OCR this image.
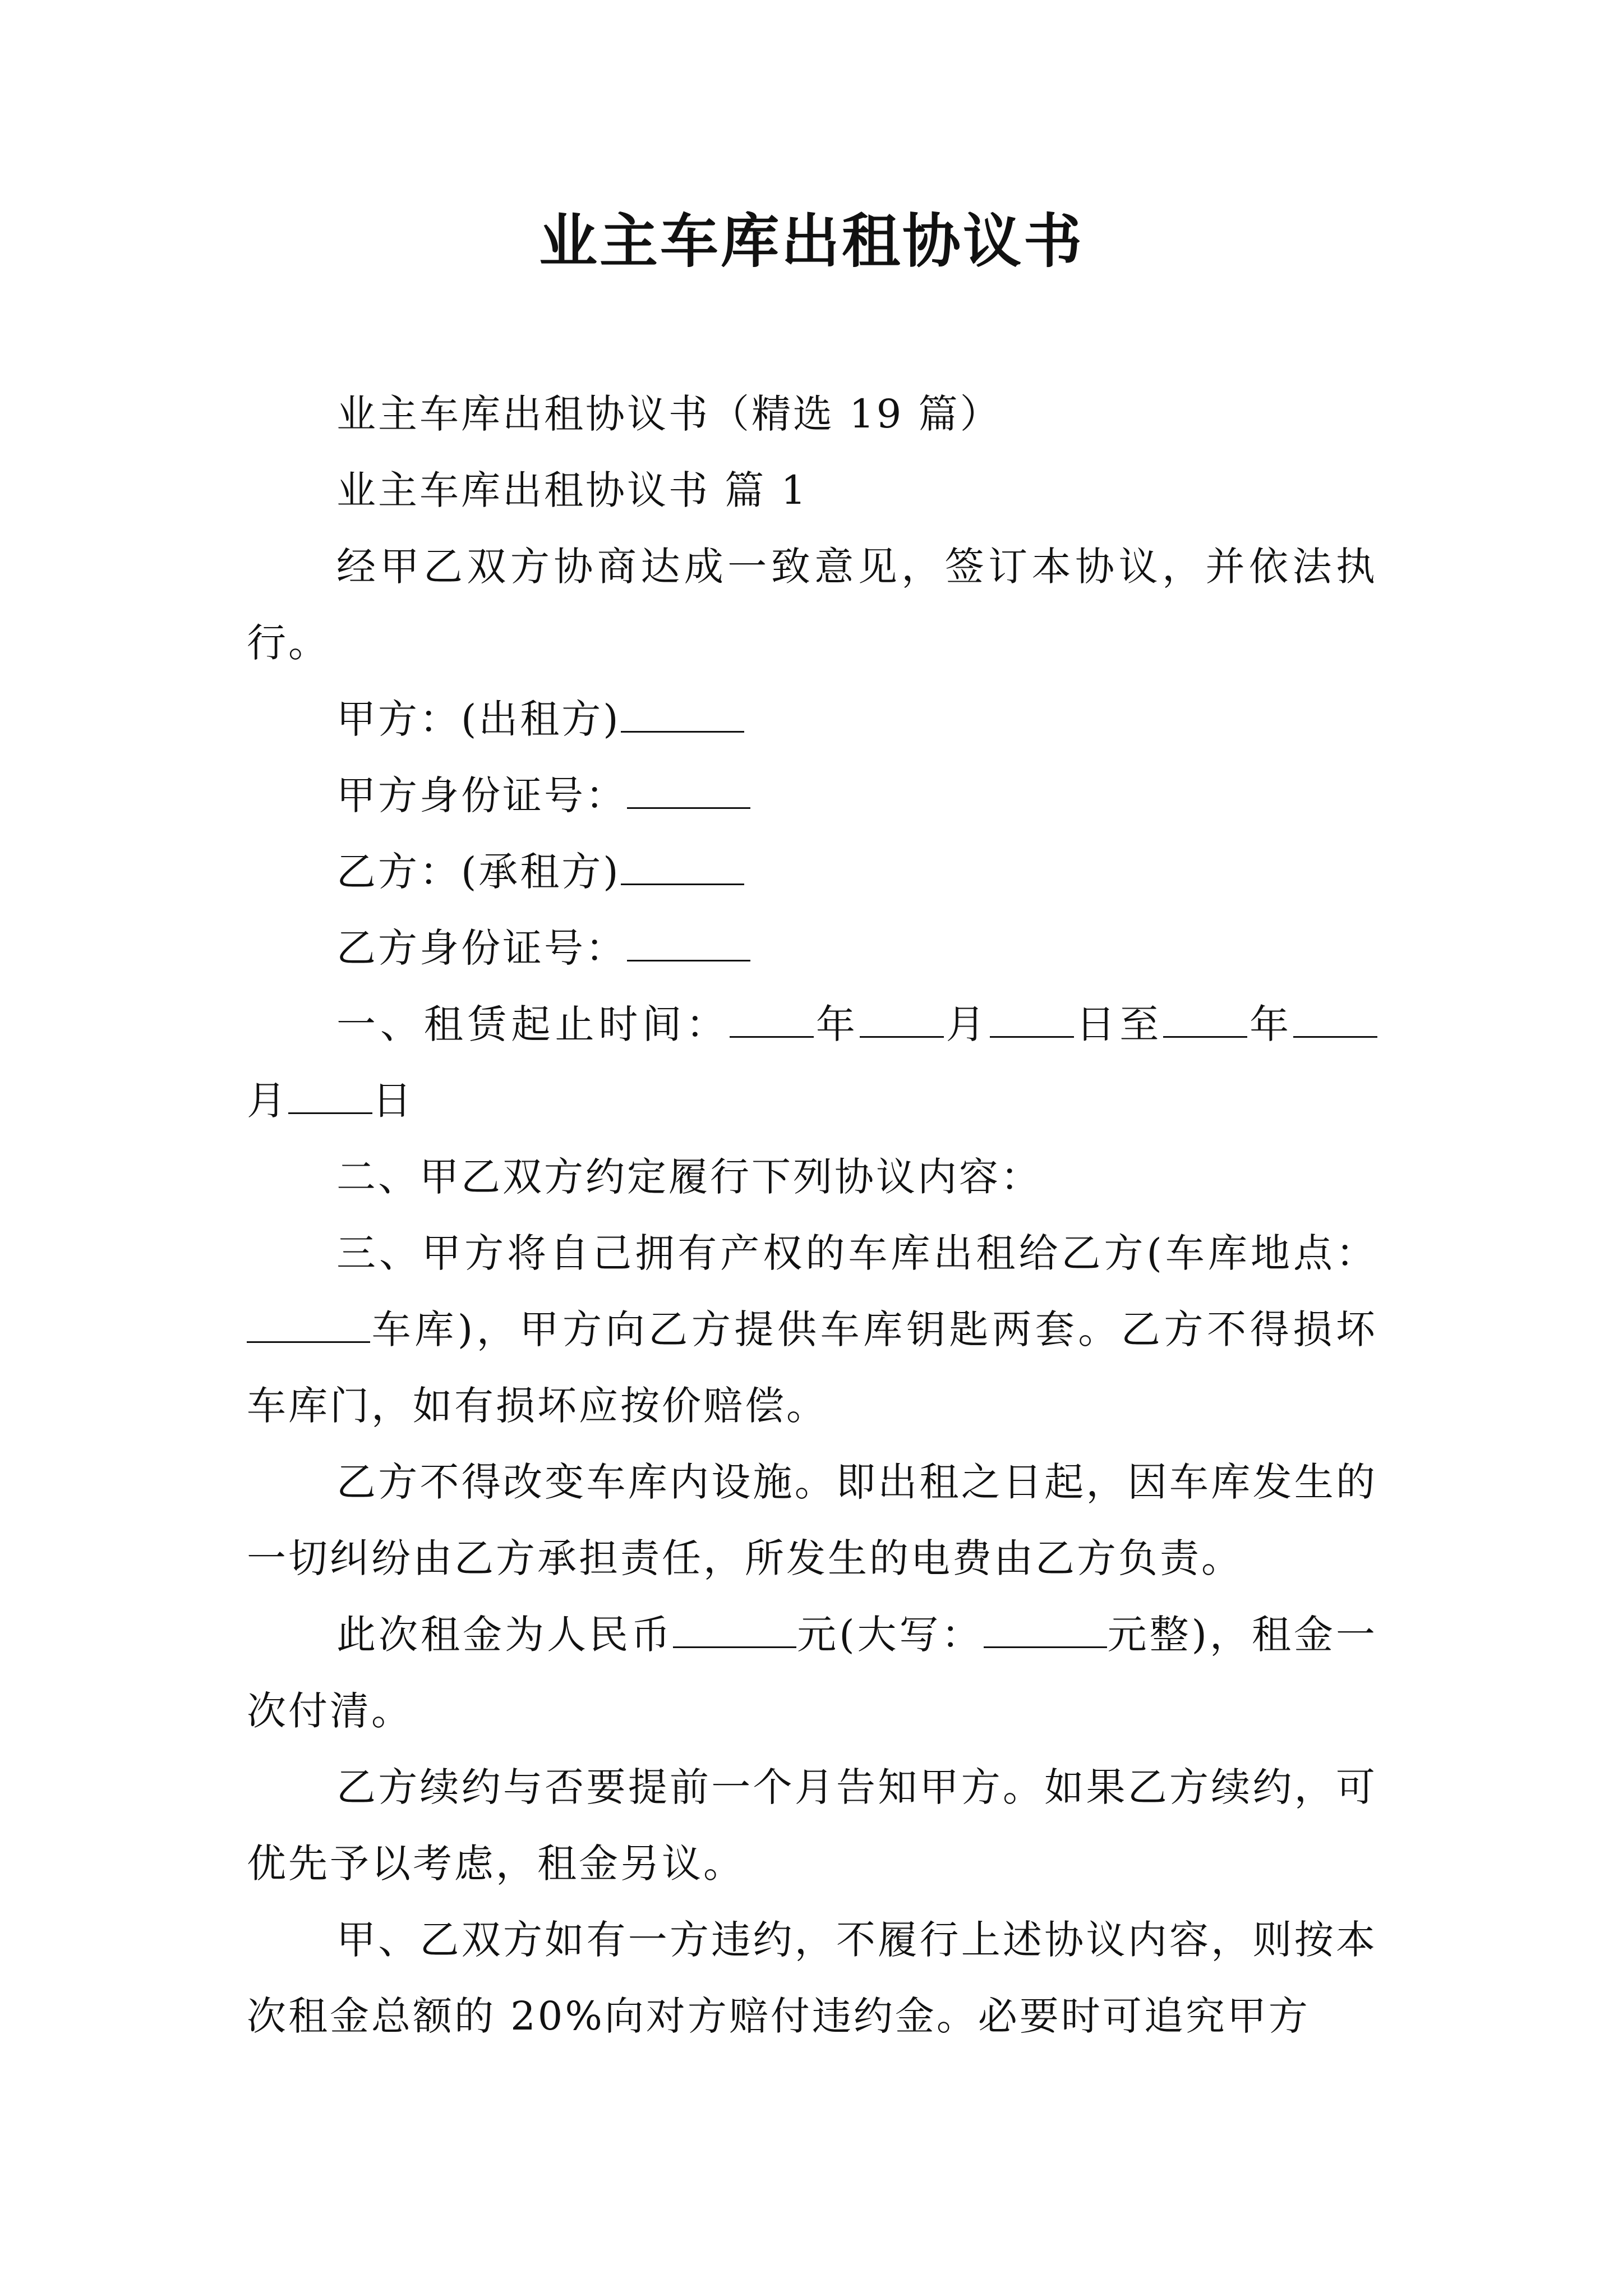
业主车库出租协议书

业主车库出租协议书（精选 19 篇）

业主车库出租协议书 篇 1

经甲乙双方协商达成一致意见，签订本协议，并依法执行。

甲方：(出租方)

甲方身份证号：

乙方：(承租方)

乙方身份证号：

一、租赁起止时间： 年 月 日至 年月 日

二、甲乙双方约定履行下列协议内容：

三、甲方将自己拥有产权的车库出租给乙方(车库地点：车库)，甲方向乙方提供车库钥匙两套。乙方不得损坏车库门，如有损坏应按价赔偿。

乙方不得改变车库内设施。即出租之日起，因车库发生的一切纠纷由乙方承担责任，所发生的电费由乙方负责。

此次租金为人民币	元(大写：	元整)，租金一次付清。

乙方续约与否要提前一个月告知甲方。如果乙方续约，可优先予以考虑，租金另议。

甲、乙双方如有一方违约，不履行上述协议内容，则按本次租金总额的 20%向对方赔付违约金。必要时可追究甲方
